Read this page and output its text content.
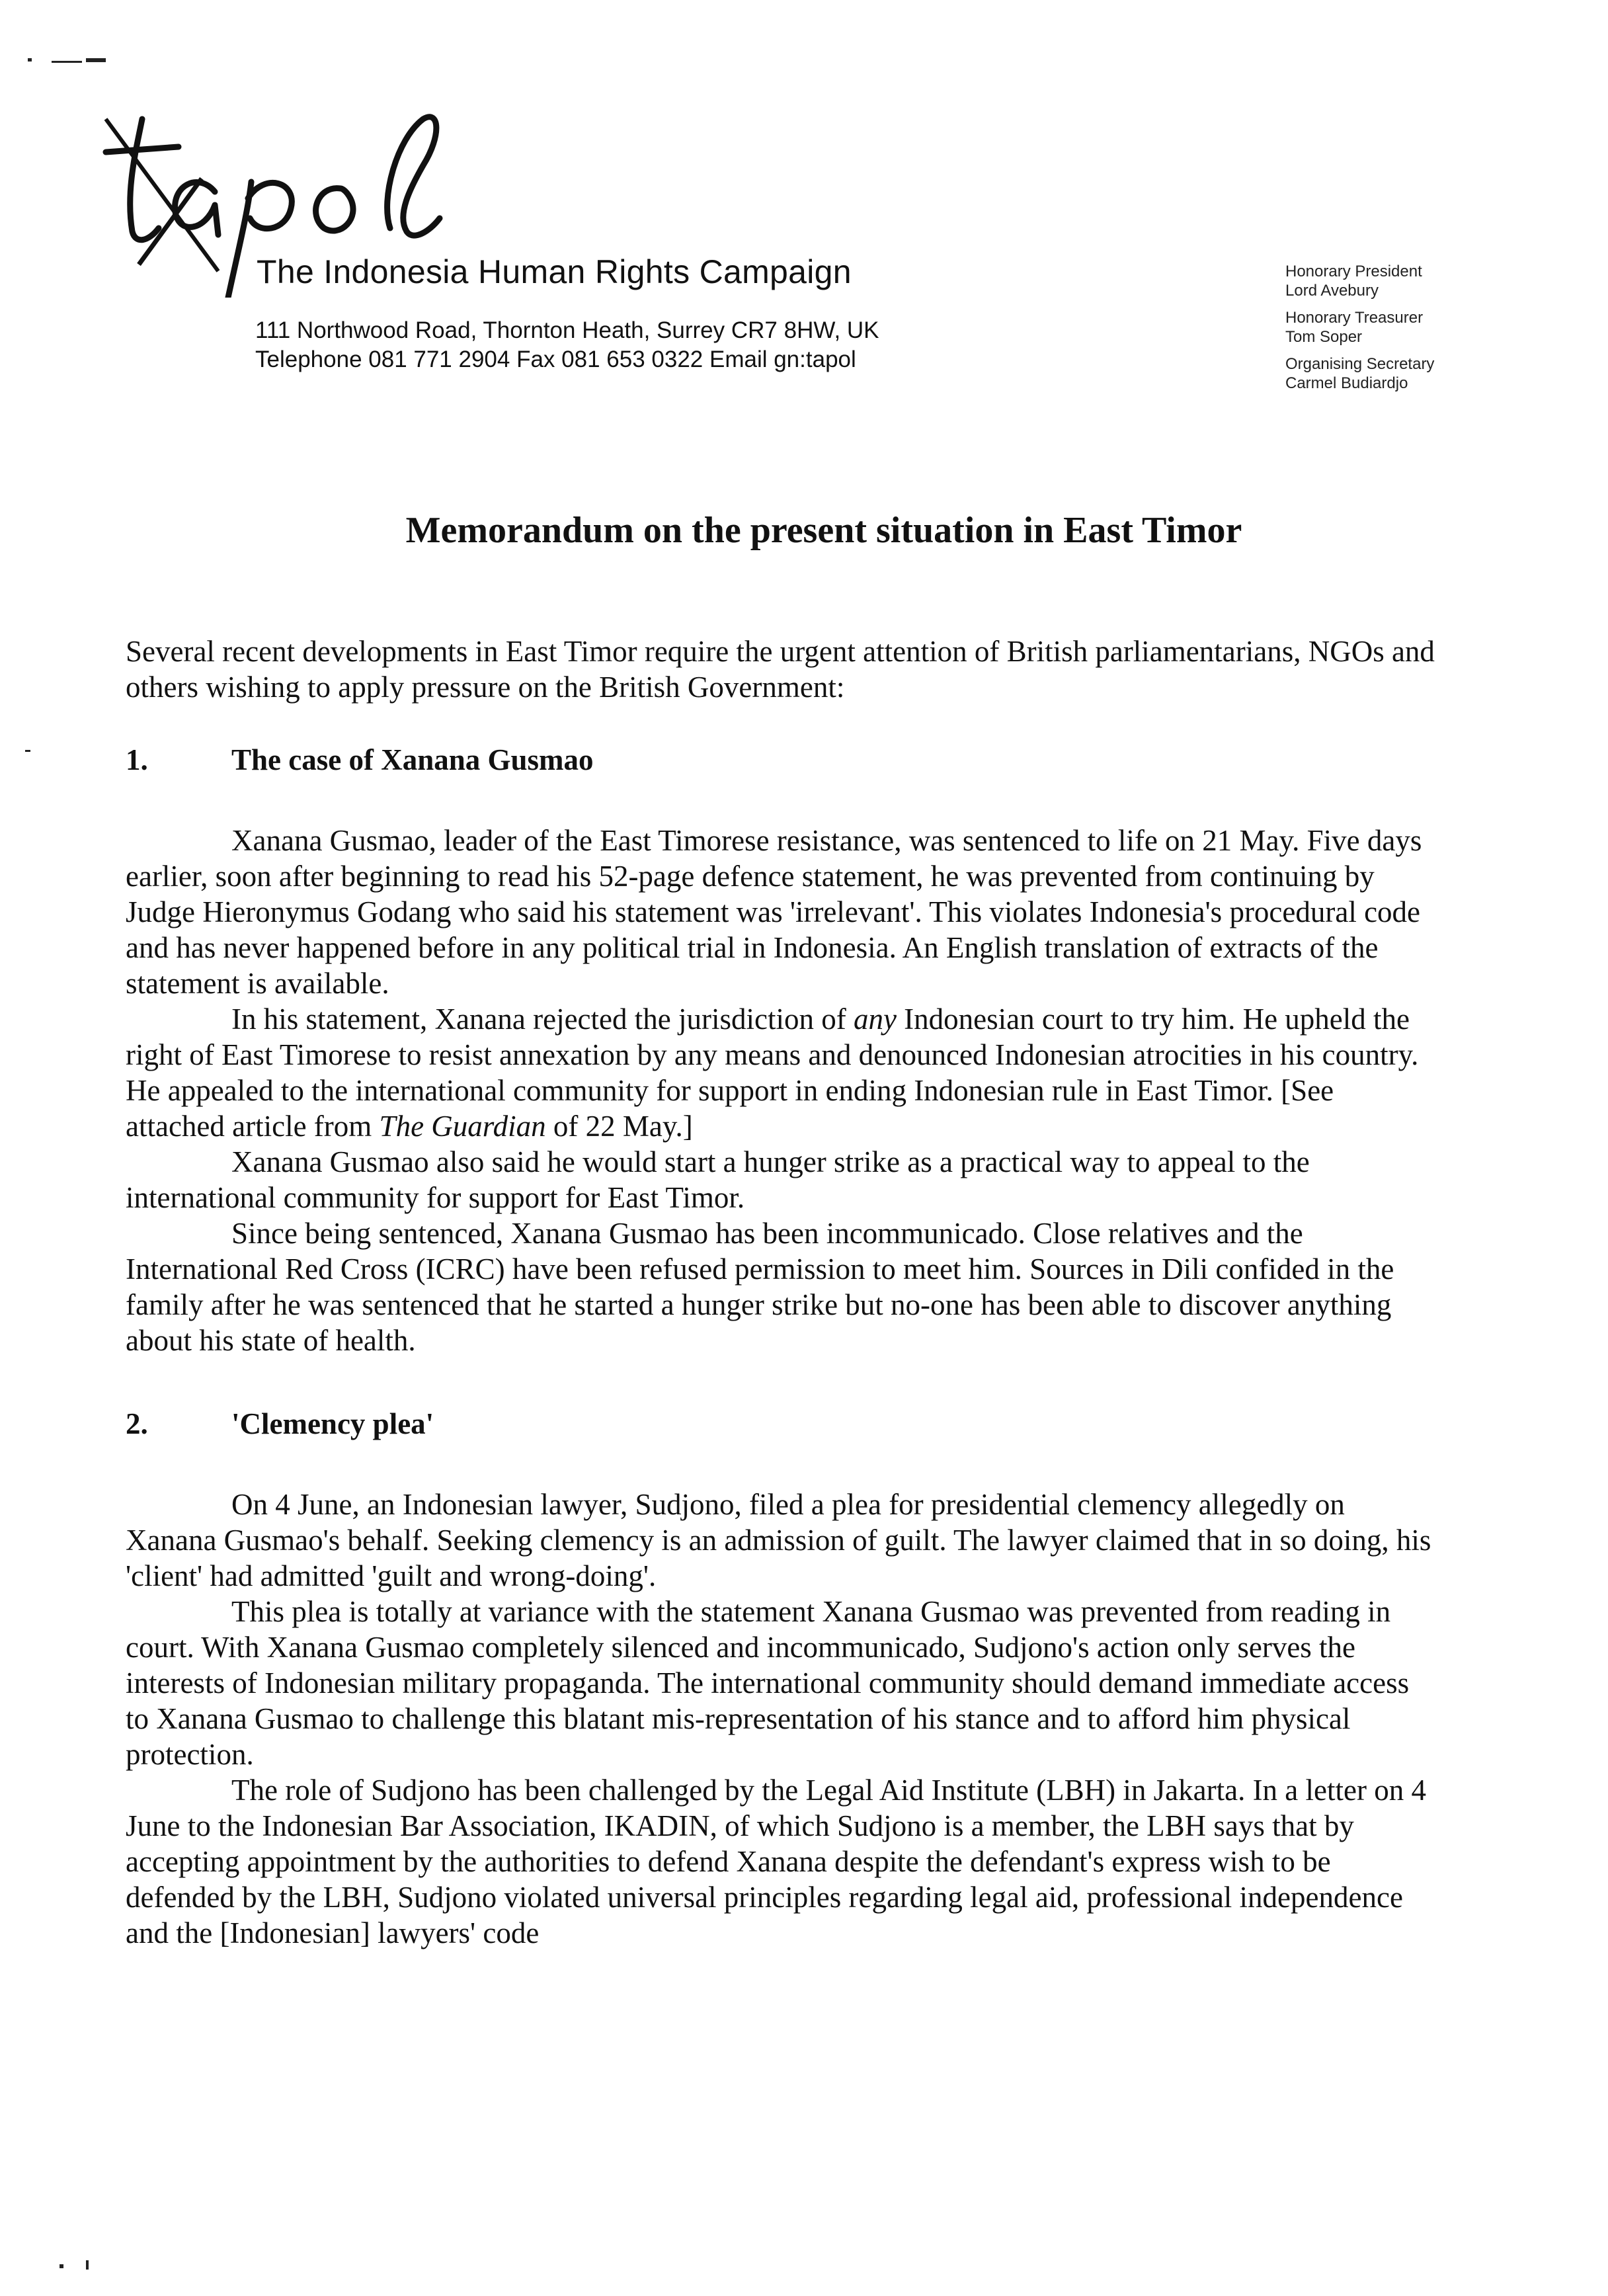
The Indonesia Human Rights Campaign
111 Northwood Road, Thornton Heath, Surrey CR7 8HW, UK
Telephone 081 771 2904 Fax 081 653 0322 Email gn:tapol
Honorary President
Lord Avebury
Honorary Treasurer
Tom Soper
Organising Secretary
Carmel Budiardjo
Memorandum on the present situation in East Timor

Several recent developments in East Timor require the urgent attention of British parliamentarians, NGOs and others wishing to apply pressure on the British Government:

1.	The case of Xanana Gusmao

Xanana Gusmao, leader of the East Timorese resistance, was sentenced to life on 21 May. Five days earlier, soon after beginning to read his 52-page defence statement, he was prevented from continuing by Judge Hieronymus Godang who said his statement was 'irrelevant'. This violates Indonesia's procedural code and has never happened before in any political trial in Indonesia. An English translation of extracts of the statement is available.

In his statement, Xanana rejected the jurisdiction of any Indonesian court to try him. He upheld the right of East Timorese to resist annexation by any means and denounced Indonesian atrocities in his country. He appealed to the international community for support in ending Indonesian rule in East Timor. [See attached article from The Guardian of 22 May.]

Xanana Gusmao also said he would start a hunger strike as a practical way to appeal to the international community for support for East Timor.

Since being sentenced, Xanana Gusmao has been incommunicado. Close relatives and the International Red Cross (ICRC) have been refused permission to meet him. Sources in Dili confided in the family after he was sentenced that he started a hunger strike but no-one has been able to discover anything about his state of health.

2.	'Clemency plea'

On 4 June, an Indonesian lawyer, Sudjono, filed a plea for presidential clemency allegedly on Xanana Gusmao's behalf. Seeking clemency is an admission of guilt. The lawyer claimed that in so doing, his 'client' had admitted 'guilt and wrong-doing'.

This plea is totally at variance with the statement Xanana Gusmao was prevented from reading in court. With Xanana Gusmao completely silenced and incommunicado, Sudjono's action only serves the interests of Indonesian military propaganda. The international community should demand immediate access to Xanana Gusmao to challenge this blatant mis-representation of his stance and to afford him physical protection.

The role of Sudjono has been challenged by the Legal Aid Institute (LBH) in Jakarta. In a letter on 4 June to the Indonesian Bar Association, IKADIN, of which Sudjono is a member, the LBH says that by accepting appointment by the authorities to defend Xanana despite the defendant's express wish to be defended by the LBH, Sudjono violated universal principles regarding legal aid, professional independence and the [Indonesian] lawyers' code
